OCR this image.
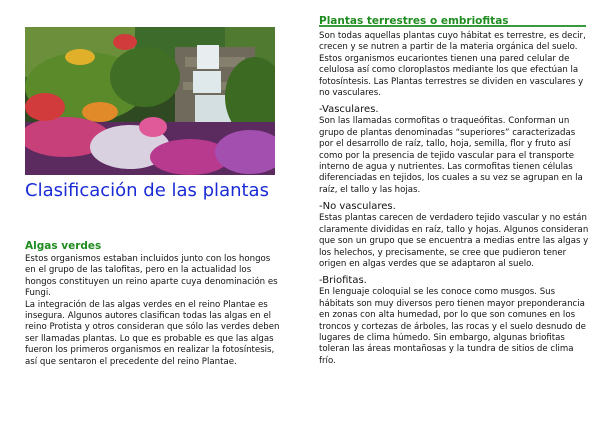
Clasificación de las plantas
Algas verdes

Estos organismos estaban incluidos junto con los hongos en el grupo de las talofitas, pero en la actualidad los hongos constituyen un reino aparte cuya denominación es Fungi.

La integración de las algas verdes en el reino Plantae es insegura. Algunos autores clasifican todas las algas en el reino Protista y otros consideran que sólo las verdes deben ser llamadas plantas. Lo que es probable es que las algas fueron los primeros organismos en realizar la fotosíntesis, así que sentaron el precedente del reino Plantae.

Plantas terrestres o embriofitas

Son todas aquellas plantas cuyo hábitat es terrestre, es decir, crecen y se nutren a partir de la materia orgánica del suelo. Estos organismos eucariontes tienen una pared celular de celulosa así como cloroplastos mediante los que efectúan la fotosíntesis. Las Plantas terrestres se dividen en vasculares y no vasculares.

-Vasculares.

Son las llamadas cormofitas o traqueófitas. Conforman un grupo de plantas denominadas “superiores” caracterizadas por el desarrollo de raíz, tallo, hoja, semilla, flor y fruto así como por la presencia de tejido vascular para el transporte interno de agua y nutrientes. Las cormofitas tienen células diferenciadas en tejidos, los cuales a su vez se agrupan en la raíz, el tallo y las hojas.

-No vasculares.

Estas plantas carecen de verdadero tejido vascular y no están claramente divididas en raíz, tallo y hojas. Algunos consideran que son un grupo que se encuentra a medias entre las algas y los helechos, y precisamente, se cree que pudieron tener origen en algas verdes que se adaptaron al suelo.

-Briofitas.

En lenguaje coloquial se les conoce como musgos. Sus hábitats son muy diversos pero tienen mayor preponderancia en zonas con alta humedad, por lo que son comunes en los troncos y cortezas de árboles, las rocas y el suelo desnudo de lugares de clima húmedo. Sin embargo, algunas briofitas toleran las áreas montañosas y la tundra de sitios de clima frío.
